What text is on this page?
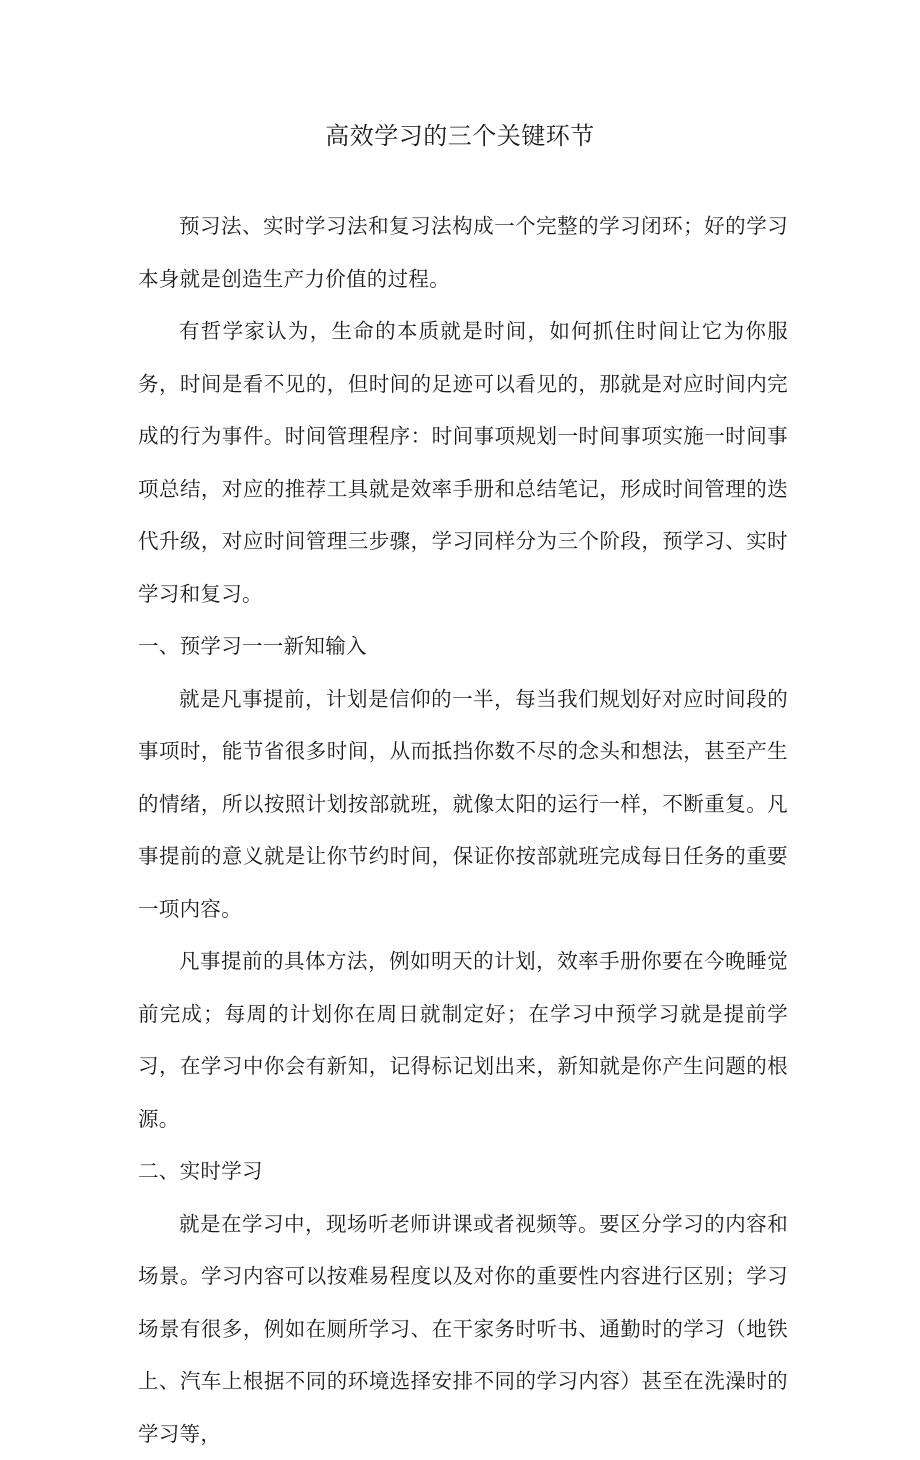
高效学习的三个关键环节

预习法、实时学习法和复习法构成一个完整的学习闭环；好的学习本身就是创造生产力价值的过程。

有哲学家认为，生命的本质就是时间，如何抓住时间让它为你服务，时间是看不见的，但时间的足迹可以看见的，那就是对应时间内完成的行为事件。时间管理程序：时间事项规划一时间事项实施一时间事项总结，对应的推荐工具就是效率手册和总结笔记，形成时间管理的迭代升级，对应时间管理三步骤，学习同样分为三个阶段，预学习、实时学习和复习。

一、预学习一一新知输入

就是凡事提前，计划是信仰的一半，每当我们规划好对应时间段的事项时，能节省很多时间，从而抵挡你数不尽的念头和想法，甚至产生的情绪，所以按照计划按部就班，就像太阳的运行一样，不断重复。凡事提前的意义就是让你节约时间，保证你按部就班完成每日任务的重要一项内容。

凡事提前的具体方法，例如明天的计划，效率手册你要在今晚睡觉前完成；每周的计划你在周日就制定好；在学习中预学习就是提前学习，在学习中你会有新知，记得标记划出来，新知就是你产生问题的根源。

二、实时学习

就是在学习中，现场听老师讲课或者视频等。要区分学习的内容和场景。学习内容可以按难易程度以及对你的重要性内容进行区别；学习场景有很多，例如在厕所学习、在干家务时听书、通勤时的学习（地铁上、汽车上根据不同的环境选择安排不同的学习内容）甚至在洗澡时的学习等，
